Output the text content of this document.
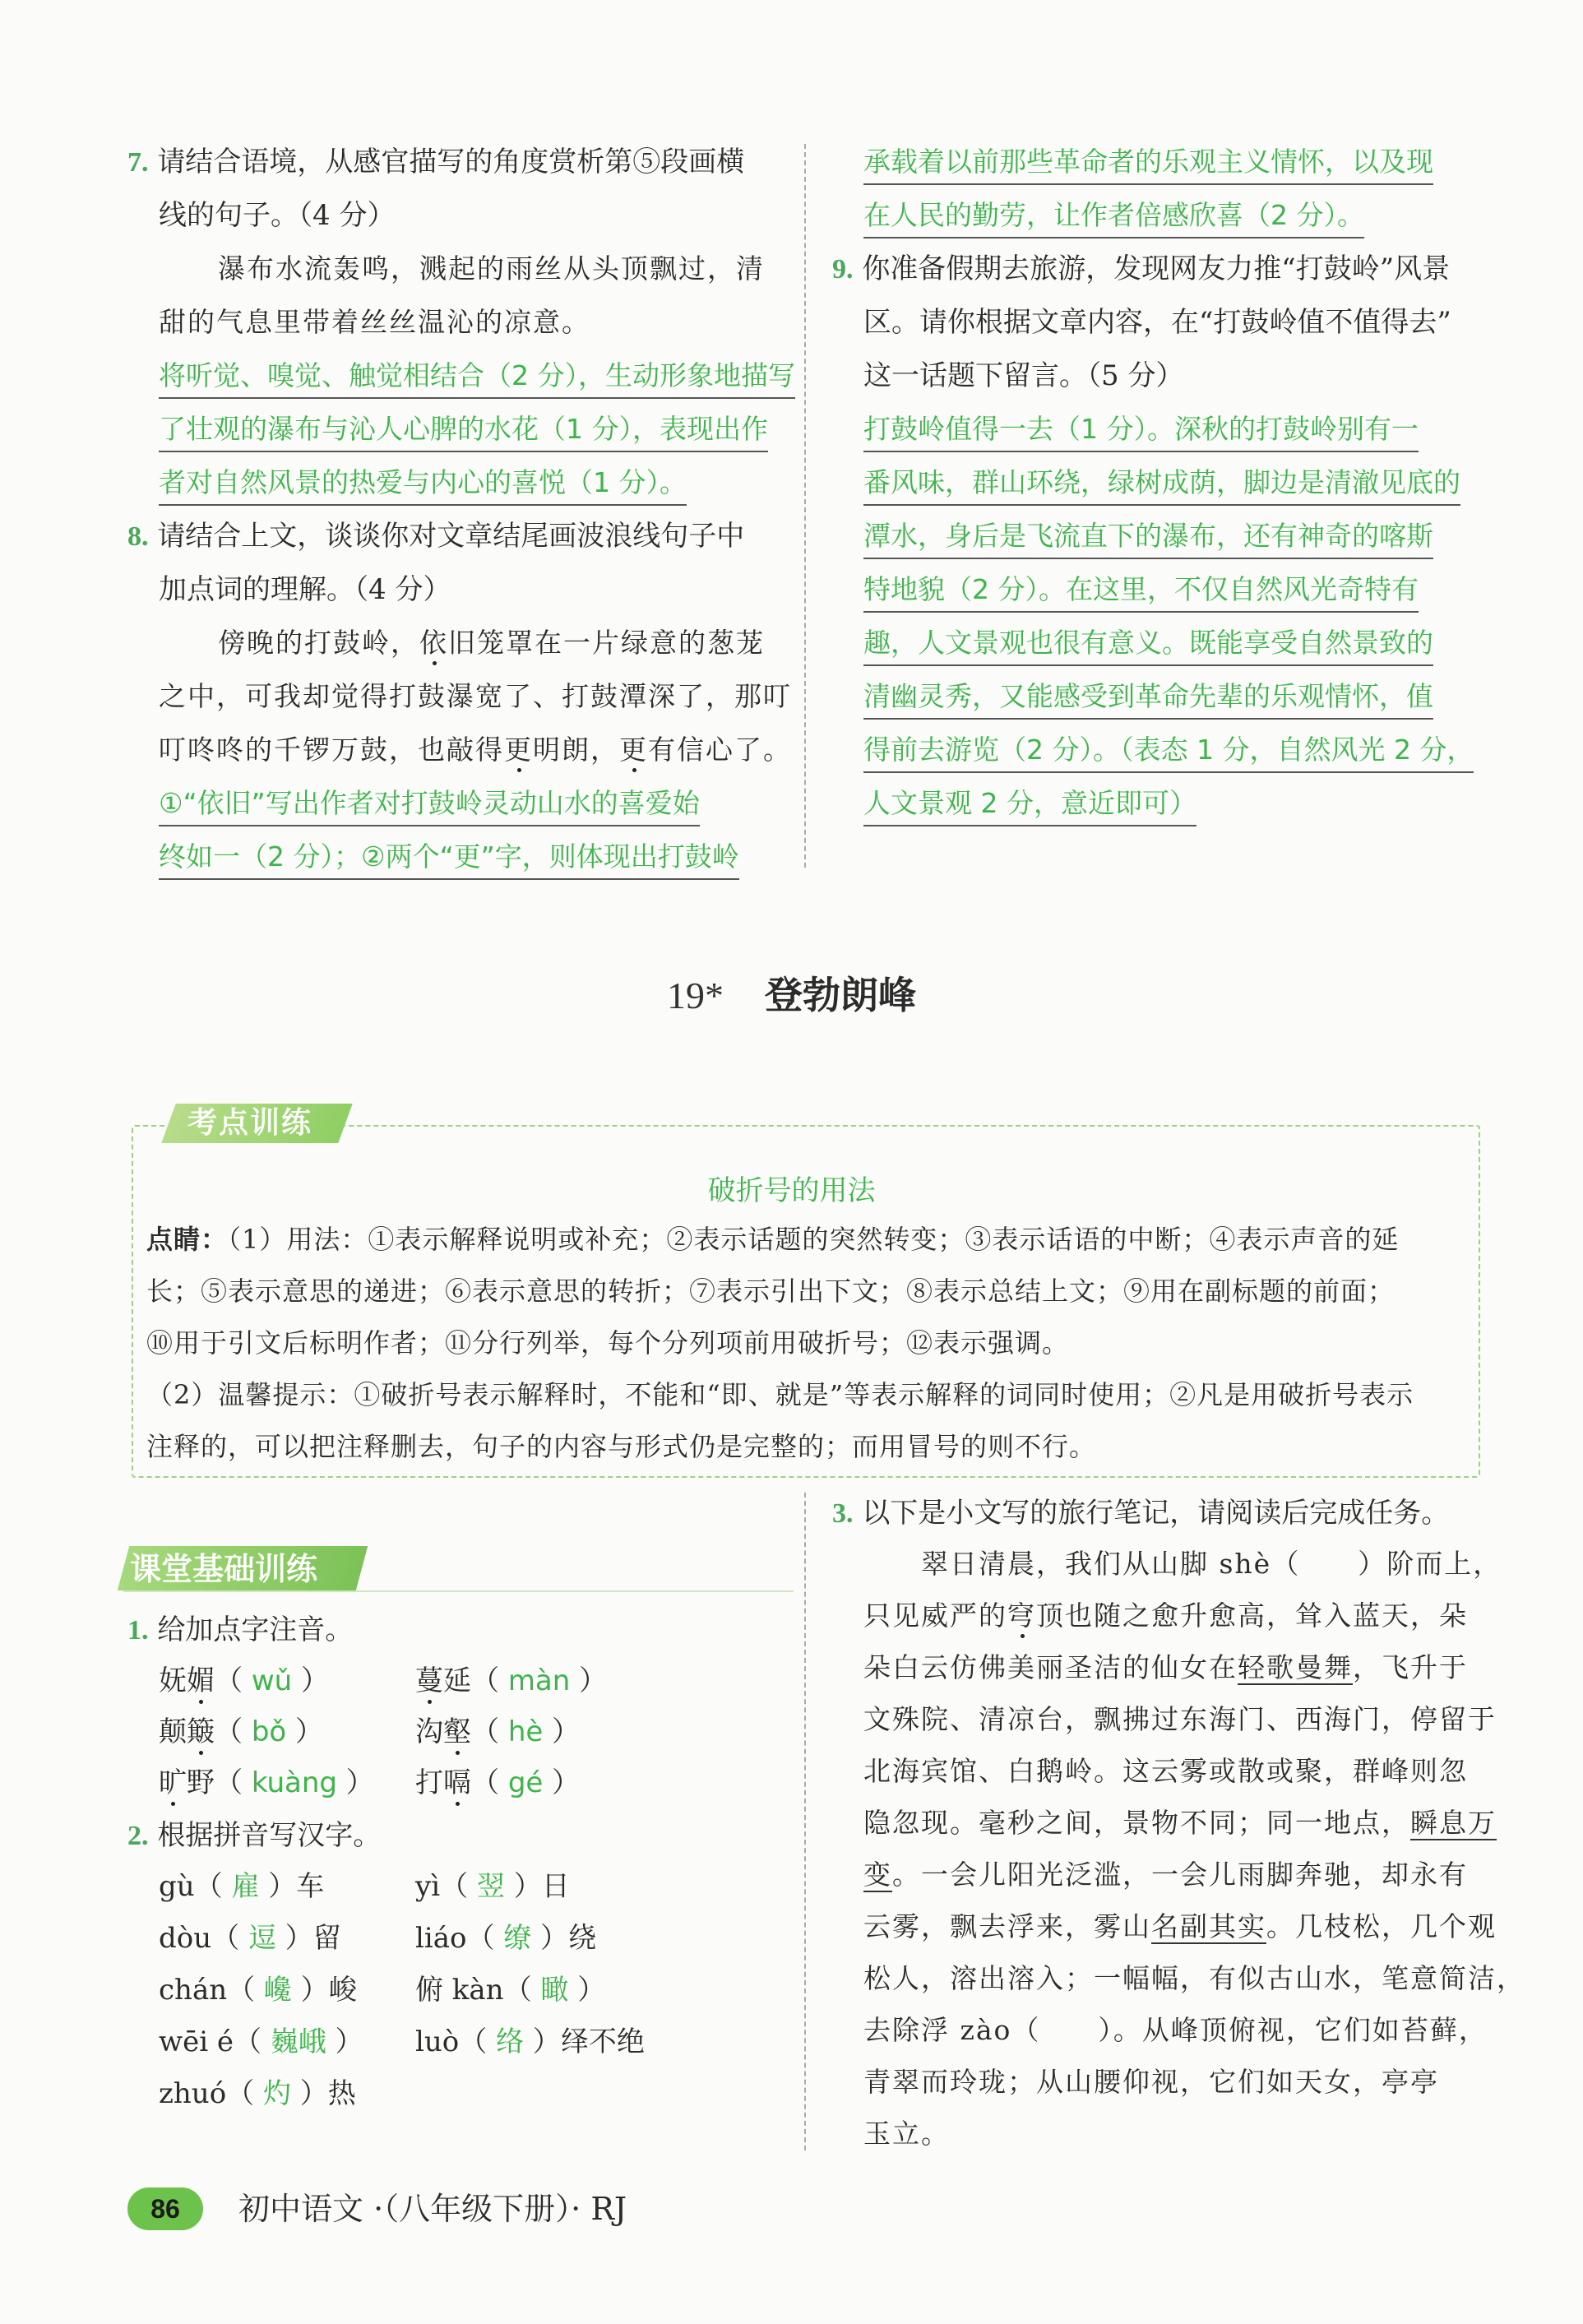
7. 请结合语境，从感官描写的角度赏析第⑤段画横
线的句子。（4 分）
瀑布水流轰鸣，溅起的雨丝从头顶飘过，清
甜的气息里带着丝丝温沁的凉意。
将听觉、嗅觉、触觉相结合（2 分），生动形象地描写
了壮观的瀑布与沁人心脾的水花（1 分），表现出作
者对自然风景的热爱与内心的喜悦（1 分）。
8. 请结合上文，谈谈你对文章结尾画波浪线句子中
加点词的理解。（4 分）
傍晚的打鼓岭，依旧笼罩在一片绿意的葱茏
之中，可我却觉得打鼓瀑宽了、打鼓潭深了，那叮
叮咚咚的千锣万鼓，也敲得更明朗，更有信心了。
①“依旧”写出作者对打鼓岭灵动山水的喜爱始
终如一（2 分）；②两个“更”字，则体现出打鼓岭
承载着以前那些革命者的乐观主义情怀，以及现
在人民的勤劳，让作者倍感欣喜（2 分）。
9. 你准备假期去旅游，发现网友力推“打鼓岭”风景
区。请你根据文章内容，在“打鼓岭值不值得去”
这一话题下留言。（5 分）
打鼓岭值得一去（1 分）。深秋的打鼓岭别有一
番风味，群山环绕，绿树成荫，脚边是清澈见底的
潭水，身后是飞流直下的瀑布，还有神奇的喀斯
特地貌（2 分）。在这里，不仅自然风光奇特有
趣，人文景观也很有意义。既能享受自然景致的
清幽灵秀，又能感受到革命先辈的乐观情怀，值
得前去游览（2 分）。（表态 1 分，自然风光 2 分，
人文景观 2 分，意近即可）
19* 登勃朗峰
考点训练
破折号的用法
点睛：（1）用法：①表示解释说明或补充；②表示话题的突然转变；③表示话语的中断；④表示声音的延
长；⑤表示意思的递进；⑥表示意思的转折；⑦表示引出下文；⑧表示总结上文；⑨用在副标题的前面；
⑩用于引文后标明作者；⑪分行列举，每个分列项前用破折号；⑫表示强调。
（2）温馨提示：①破折号表示解释时，不能和“即、就是”等表示解释的词同时使用；②凡是用破折号表示
注释的，可以把注释删去，句子的内容与形式仍是完整的；而用冒号的则不行。
课堂基础训练
1. 给加点字注音。
妩媚（ wǔ ）	蔓延（ màn ）
颠簸（ bǒ ）	沟壑（ hè ）
旷野（ kuàng ） 打嗝（ gé ）
2. 根据拼音写汉字。
gù（ 雇 ）车	yì（ 翌 ）日
dòu（ 逗 ）留	liáo（ 缭 ）绕
chán（ 巉 ）峻 俯 kàn（ 瞰 ）
wēi é（ 巍峨 ） luò（ 络 ）绎不绝
zhuó（ 灼 ）热
3. 以下是小文写的旅行笔记，请阅读后完成任务。
翠日清晨，我们从山脚 shè（　　）阶而上，
只见威严的穹顶也随之愈升愈高，耸入蓝天，朵
朵白云仿佛美丽圣洁的仙女在轻歌曼舞，飞升于
文殊院、清凉台，飘拂过东海门、西海门，停留于
北海宾馆、白鹅岭。这云雾或散或聚，群峰则忽
隐忽现。毫秒之间，景物不同；同一地点，瞬息万
变。一会儿阳光泛滥，一会儿雨脚奔驰，却永有
云雾，飘去浮来，雾山名副其实。几枝松，几个观
松人，溶出溶入；一幅幅，有似古山水，笔意简洁，
去除浮 zào（　　）。从峰顶俯视，它们如苔藓，
青翠而玲珑；从山腰仰视，它们如天女，亭亭
玉立。
86	初中语文 ·（八年级下册）· RJ
